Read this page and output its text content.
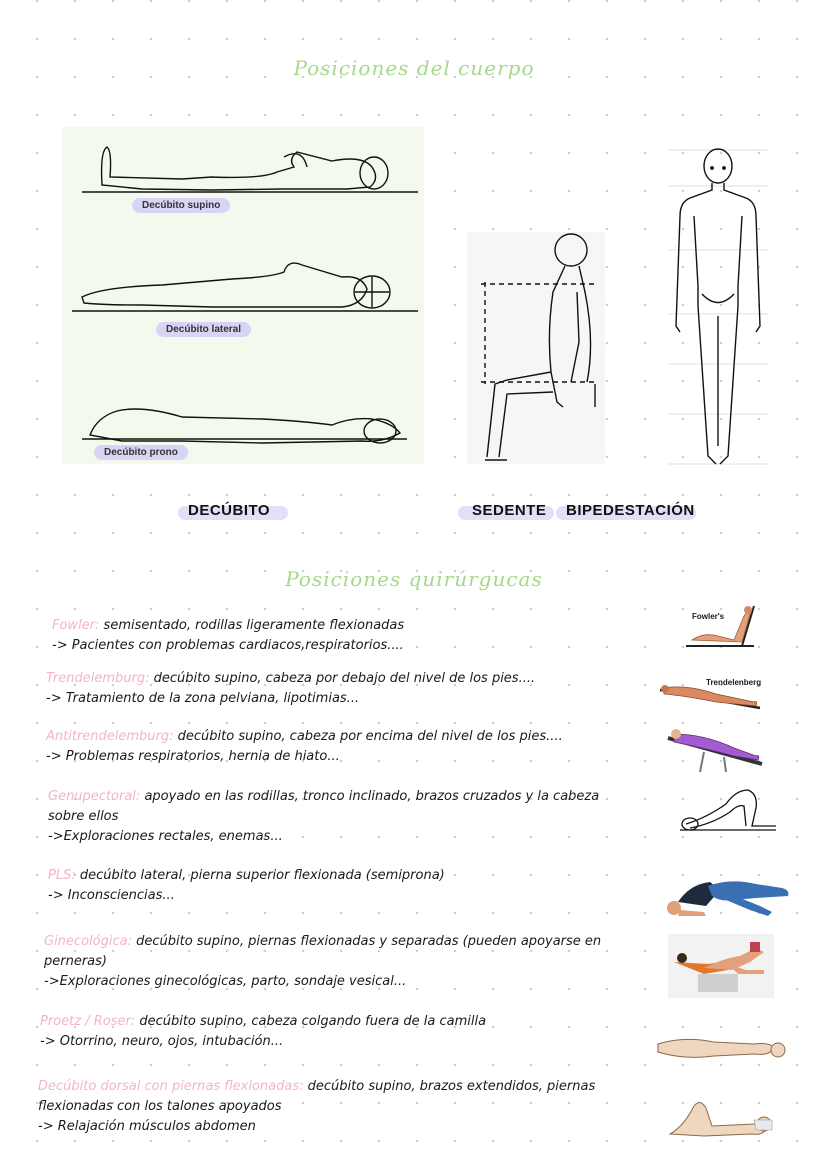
Posiciones del cuerpo
Decúbito supino
Decúbito lateral
Decúbito prono
DECÚBITO	SEDENTE BIPEDESTACIÓN
Posiciones quirúrgucas
Fowler: semisentado, rodillas ligeramente flexionadas
-> Pacientes con problemas cardiacos,respiratorios....
Trendelemburg: decúbito supino, cabeza por debajo del nivel de los pies....
-> Tratamiento de la zona pelviana, lipotimias...
Antitrendelemburg: decúbito supino, cabeza por encima del nivel de los pies....
-> Problemas respiratorios, hernia de hiato...
Genupectoral: apoyado en las rodillas, tronco inclinado, brazos cruzados y la cabeza sobre ellos
->Exploraciones rectales, enemas...
PLS: decúbito lateral, pierna superior flexionada (semiprona)
-> Inconsciencias...
Ginecológica: decúbito supino, piernas flexionadas y separadas (pueden apoyarse en perneras)
->Exploraciones ginecológicas, parto, sondaje vesical...
Proetz / Roser: decúbito supino, cabeza colgando fuera de la camilla
-> Otorrino, neuro, ojos, intubación...
Decúbito dorsal con piernas flexionadas: decúbito supino, brazos extendidos, piernas flexionadas con los talones apoyados
-> Relajación músculos abdomen
Fowler's
Trendelenberg
